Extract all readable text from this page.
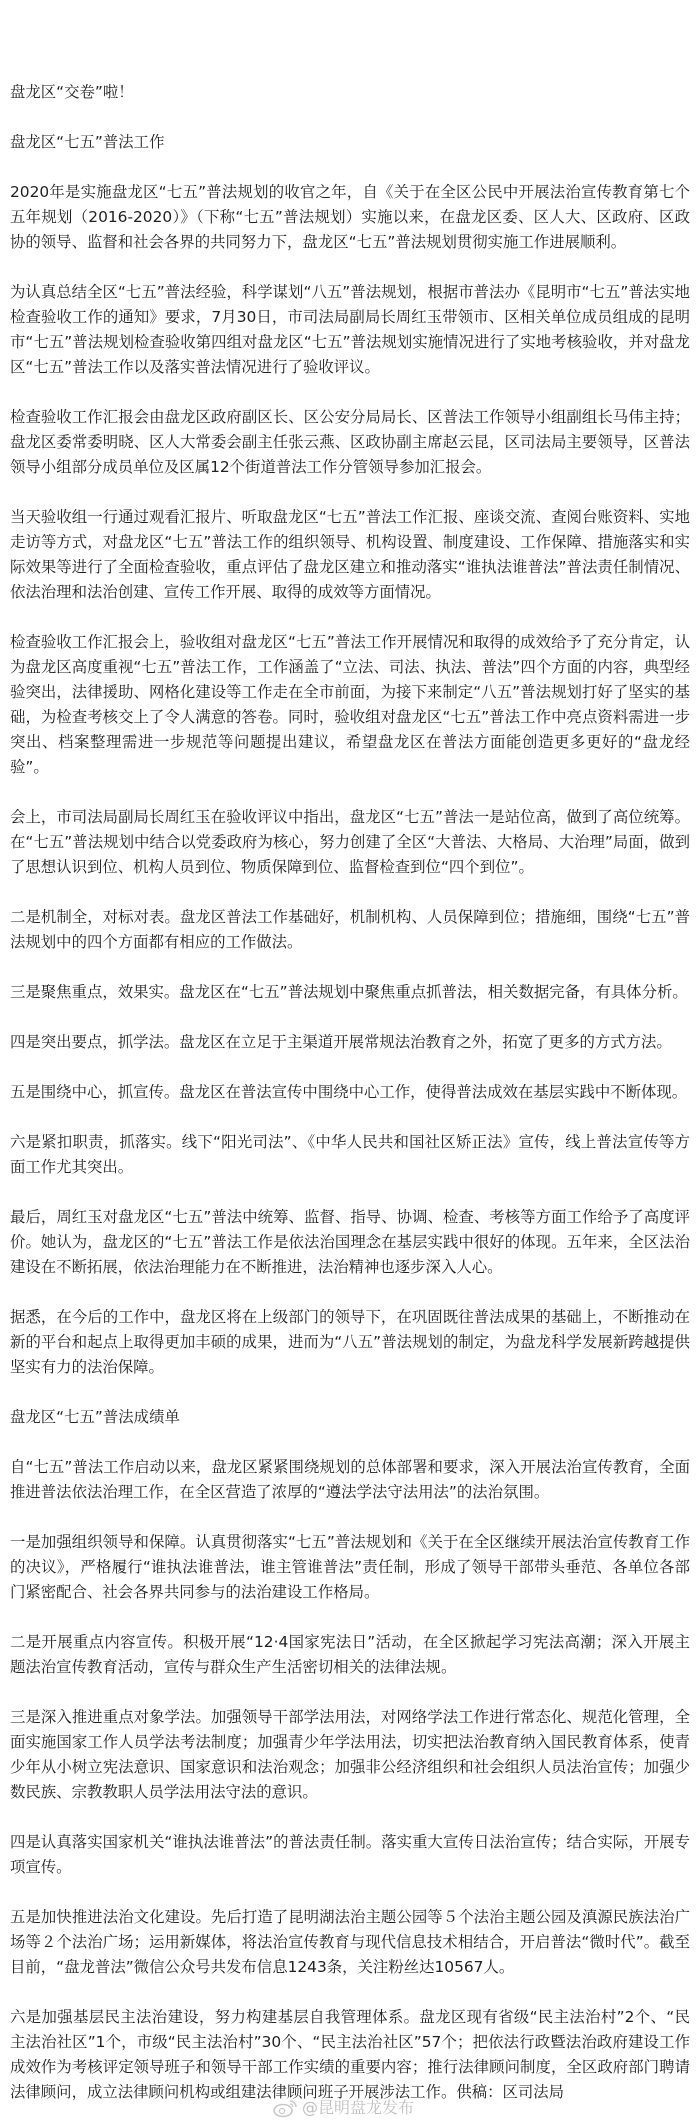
盘龙区“交卷”啦！

盘龙区“七五”普法工作

2020年是实施盘龙区“七五”普法规划的收官之年，自《关于在全区公民中开展法治宣传教育第七个五年规划（2016-2020）》（下称“七五”普法规划）实施以来，在盘龙区委、区人大、区政府、区政协的领导、监督和社会各界的共同努力下，盘龙区“七五”普法规划贯彻实施工作进展顺利。

为认真总结全区“七五”普法经验，科学谋划“八五”普法规划，根据市普法办《昆明市“七五”普法实地检查验收工作的通知》要求，7月30日，市司法局副局长周红玉带领市、区相关单位成员组成的昆明市“七五”普法规划检查验收第四组对盘龙区“七五”普法规划实施情况进行了实地考核验收，并对盘龙区“七五”普法工作以及落实普法情况进行了验收评议。

检查验收工作汇报会由盘龙区政府副区长、区公安分局局长、区普法工作领导小组副组长马伟主持；盘龙区委常委明晓、区人大常委会副主任张云燕、区政协副主席赵云昆，区司法局主要领导，区普法领导小组部分成员单位及区属12个街道普法工作分管领导参加汇报会。

当天验收组一行通过观看汇报片、听取盘龙区“七五”普法工作汇报、座谈交流、查阅台账资料、实地走访等方式，对盘龙区“七五”普法工作的组织领导、机构设置、制度建设、工作保障、措施落实和实际效果等进行了全面检查验收，重点评估了盘龙区建立和推动落实“谁执法谁普法”普法责任制情况、依法治理和法治创建、宣传工作开展、取得的成效等方面情况。

检查验收工作汇报会上，验收组对盘龙区“七五”普法工作开展情况和取得的成效给予了充分肯定，认为盘龙区高度重视“七五”普法工作，工作涵盖了“立法、司法、执法、普法”四个方面的内容，典型经验突出，法律援助、网格化建设等工作走在全市前面，为接下来制定“八五”普法规划打好了坚实的基础，为检查考核交上了令人满意的答卷。同时，验收组对盘龙区“七五”普法工作中亮点资料需进一步突出、档案整理需进一步规范等问题提出建议，希望盘龙区在普法方面能创造更多更好的“盘龙经验”。

会上，市司法局副局长周红玉在验收评议中指出，盘龙区“七五”普法一是站位高，做到了高位统筹。在“七五”普法规划中结合以党委政府为核心，努力创建了全区“大普法、大格局、大治理”局面，做到了思想认识到位、机构人员到位、物质保障到位、监督检查到位“四个到位”。

二是机制全，对标对表。盘龙区普法工作基础好，机制机构、人员保障到位；措施细，围绕“七五”普法规划中的四个方面都有相应的工作做法。

三是聚焦重点，效果实。盘龙区在“七五”普法规划中聚焦重点抓普法，相关数据完备，有具体分析。

四是突出要点，抓学法。盘龙区在立足于主渠道开展常规法治教育之外，拓宽了更多的方式方法。

五是围绕中心，抓宣传。盘龙区在普法宣传中围绕中心工作，使得普法成效在基层实践中不断体现。

六是紧扣职责，抓落实。线下“阳光司法”、《中华人民共和国社区矫正法》宣传，线上普法宣传等方面工作尤其突出。

最后，周红玉对盘龙区“七五”普法中统筹、监督、指导、协调、检查、考核等方面工作给予了高度评价。她认为，盘龙区的“七五”普法工作是依法治国理念在基层实践中很好的体现。五年来，全区法治建设在不断拓展，依法治理能力在不断推进，法治精神也逐步深入人心。

据悉，在今后的工作中，盘龙区将在上级部门的领导下，在巩固既往普法成果的基础上，不断推动在新的平台和起点上取得更加丰硕的成果，进而为“八五”普法规划的制定，为盘龙科学发展新跨越提供坚实有力的法治保障。

盘龙区“七五”普法成绩单

自“七五”普法工作启动以来，盘龙区紧紧围绕规划的总体部署和要求，深入开展法治宣传教育，全面推进普法依法治理工作，在全区营造了浓厚的“遵法学法守法用法”的法治氛围。

一是加强组织领导和保障。认真贯彻落实“七五”普法规划和《关于在全区继续开展法治宣传教育工作的决议》，严格履行“谁执法谁普法，谁主管谁普法”责任制，形成了领导干部带头垂范、各单位各部门紧密配合、社会各界共同参与的法治建设工作格局。

二是开展重点内容宣传。积极开展“12·4国家宪法日”活动，在全区掀起学习宪法高潮；深入开展主题法治宣传教育活动，宣传与群众生产生活密切相关的法律法规。

三是深入推进重点对象学法。加强领导干部学法用法，对网络学法工作进行常态化、规范化管理，全面实施国家工作人员学法考法制度；加强青少年学法用法，切实把法治教育纳入国民教育体系，使青少年从小树立宪法意识、国家意识和法治观念；加强非公经济组织和社会组织人员法治宣传；加强少数民族、宗教教职人员学法用法守法的意识。

四是认真落实国家机关“谁执法谁普法”的普法责任制。落实重大宣传日法治宣传；结合实际，开展专项宣传。

五是加快推进法治文化建设。先后打造了昆明湖法治主题公园等５个法治主题公园及滇源民族法治广场等２个法治广场；运用新媒体，将法治宣传教育与现代信息技术相结合，开启普法“微时代”。截至目前，“盘龙普法”微信公众号共发布信息1243条，关注粉丝达10567人。

六是加强基层民主法治建设，努力构建基层自我管理体系。盘龙区现有省级“民主法治村”2个、“民主法治社区”1个，市级“民主法治村”30个、“民主法治社区”57个；把依法行政暨法治政府建设工作成效作为考核评定领导班子和领导干部工作实绩的重要内容；推行法律顾问制度，全区政府部门聘请法律顾问，成立法律顾问机构或组建法律顾问班子开展涉法工作。供稿：区司法局

@昆明盘龙发布
